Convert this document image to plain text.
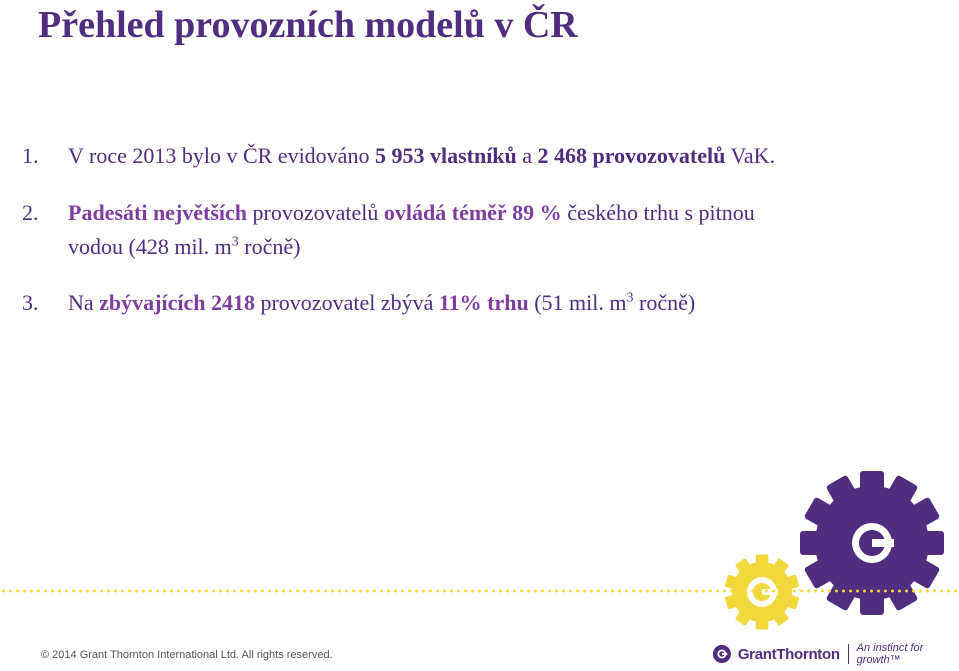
Přehled provozních modelů v ČR
1. V roce 2013 bylo v ČR evidováno 5 953 vlastníků a 2 468 provozovatelů VaK.
2. Padesáti největších provozovatelů ovládá téměř 89 % českého trhu s pitnou
vodou (428 mil. $m^3$ ročně)
3. Na zbývajících 2418 provozovatel zbývá 11% trhu (51 mil. $m^3$ ročně)
© 2014 Grant Thornton International Ltd. All rights reserved.	GrantThornton An instinct for growth™
